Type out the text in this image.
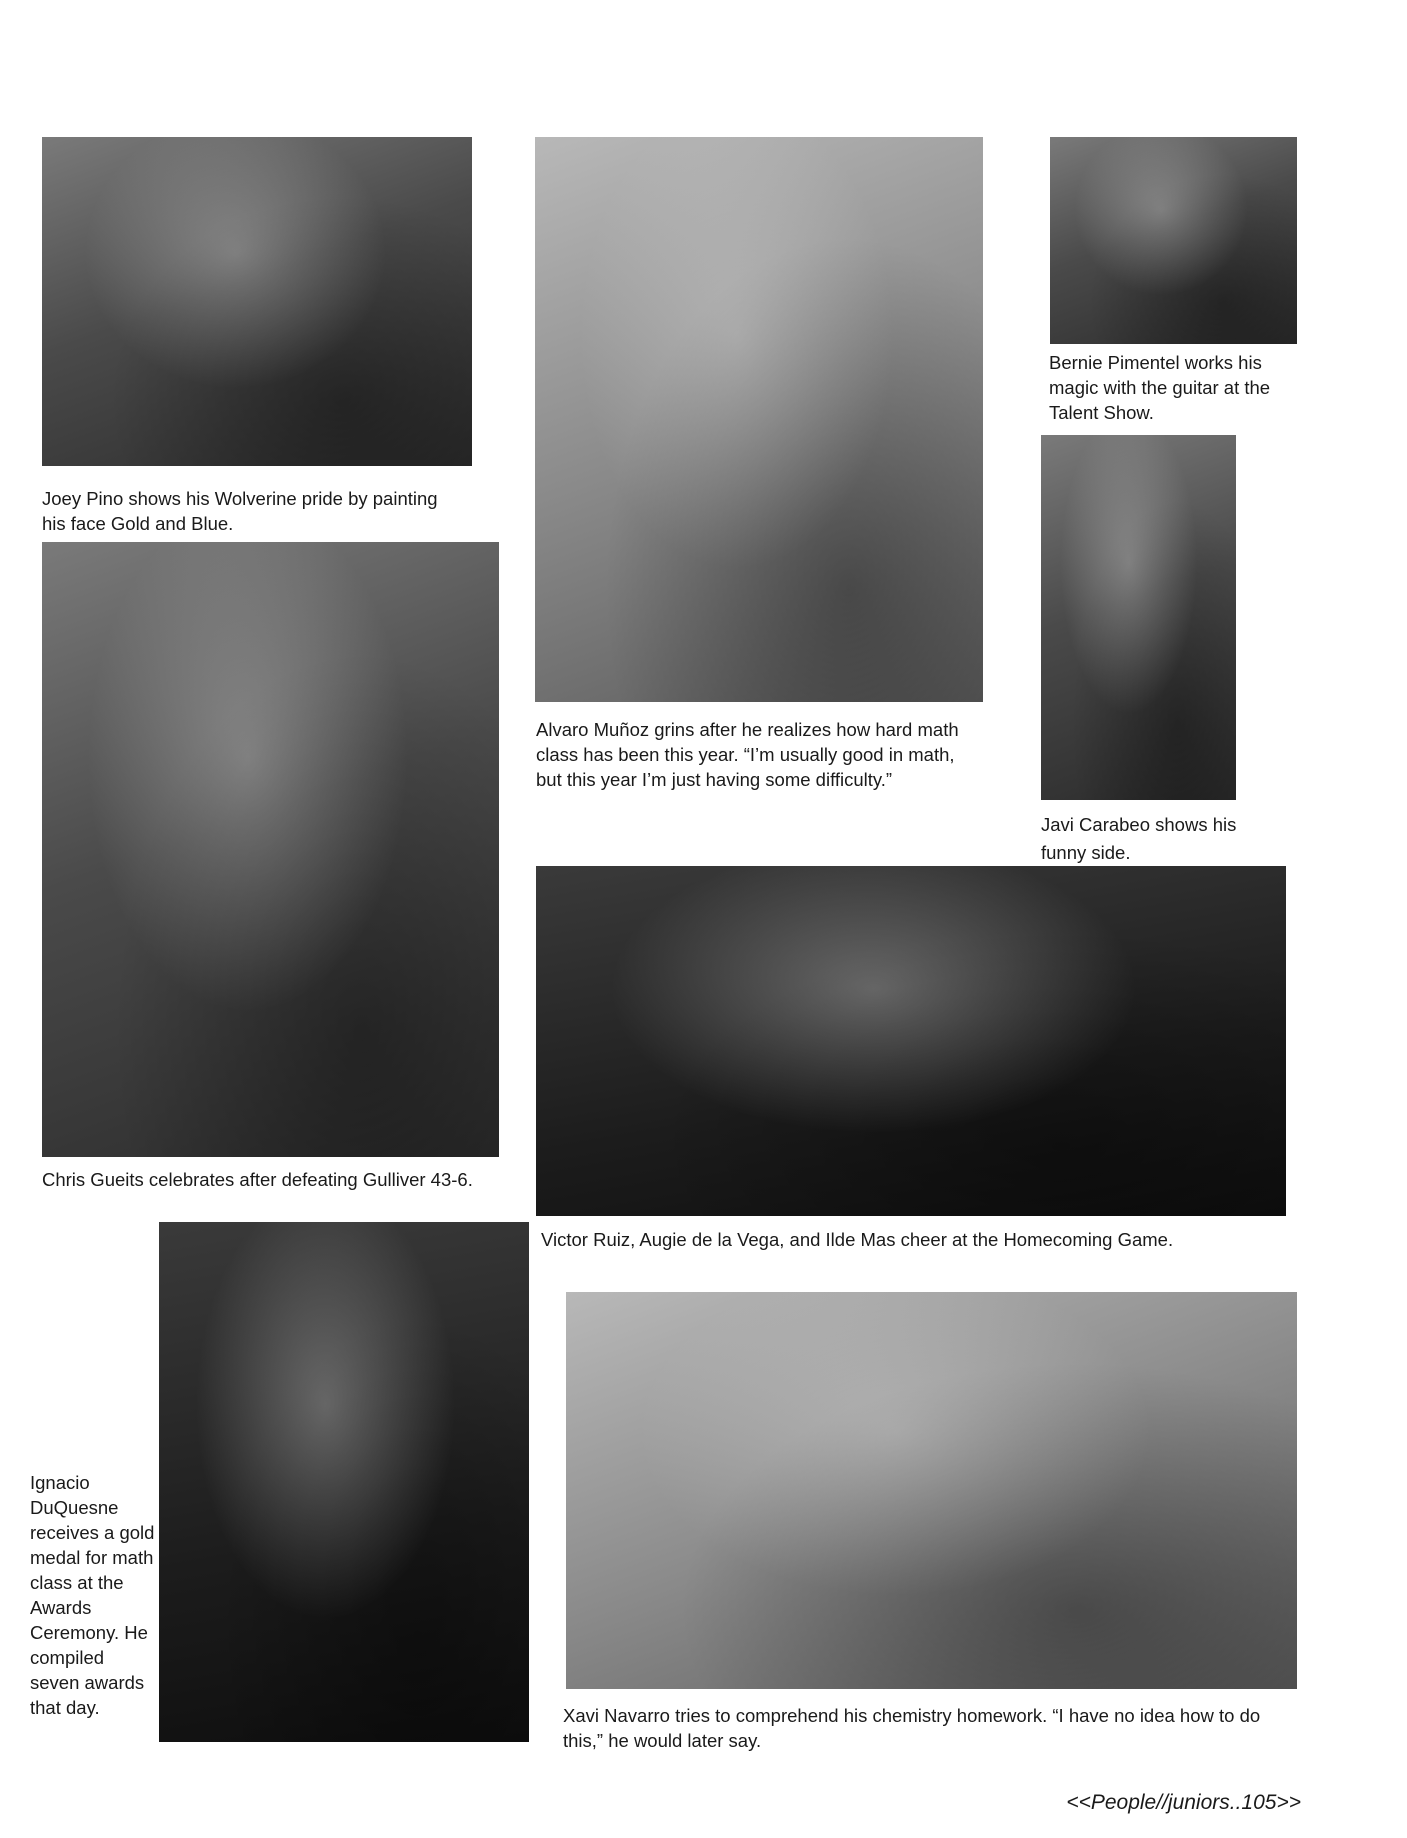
Joey Pino shows his Wolverine pride by painting his face Gold and Blue.
Alvaro Muñoz grins after he realizes how hard math class has been this year. “I’m usually good in math, but this year I’m just having some difficulty.”
Bernie Pimentel works his magic with the guitar at the Talent Show.
Javi Carabeo shows his funny side.
Chris Gueits celebrates after defeating Gulliver 43-6.
Victor Ruiz, Augie de la Vega, and Ilde Mas cheer at the Homecoming Game.
Ignacio DuQuesne receives a gold medal for math class at the Awards Ceremony. He compiled seven awards that day.	Xavi Navarro tries to comprehend his chemistry homework. “I have no idea how to do this,” he would later say.
<<People//juniors..105>>
